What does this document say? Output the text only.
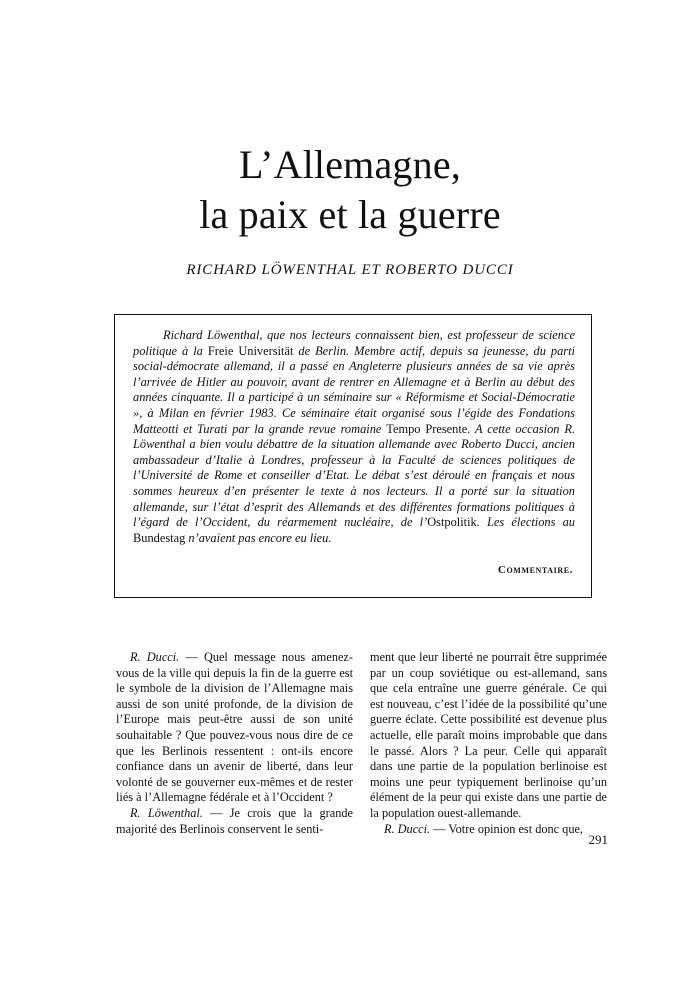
L’Allemagne,
la paix et la guerre
RICHARD LÖWENTHAL ET ROBERTO DUCCI

Richard Löwenthal, que nos lecteurs connaissent bien, est professeur de science politique à la Freie Universität de Berlin. Membre actif, depuis sa jeunesse, du parti social-démocrate allemand, il a passé en Angleterre plusieurs années de sa vie après l’arrivée de Hitler au pouvoir, avant de rentrer en Allemagne et à Berlin au début des années cinquante. Il a participé à un séminaire sur « Réformisme et Social-Démocratie », à Milan en février 1983. Ce séminaire était organisé sous l’égide des Fondations Matteotti et Turati par la grande revue romaine Tempo Presente. A cette occasion R. Löwenthal a bien voulu débattre de la situation allemande avec Roberto Ducci, ancien ambassadeur d’Italie à Londres, professeur à la Faculté de sciences politiques de l’Université de Rome et conseiller d’Etat. Le débat s’est déroulé en français et nous sommes heureux d’en présenter le texte à nos lecteurs. Il a porté sur la situation allemande, sur l’état d’esprit des Allemands et des différentes formations politiques à l’égard de l’Occident, du réarmement nucléaire, de l’Ostpolitik. Les élections au Bundestag n’avaient pas encore eu lieu.

Commentaire.

R. Ducci. — Quel message nous amenez-vous de la ville qui depuis la fin de la guerre est le symbole de la division de l’Allemagne mais aussi de son unité profonde, de la division de l’Europe mais peut-être aussi de son unité souhaitable ? Que pouvez-vous nous dire de ce que les Berlinois ressentent : ont-ils encore confiance dans un avenir de liberté, dans leur volonté de se gouverner eux-mêmes et de rester liés à l’Allemagne fédérale et à l’Occident ?

R. Löwenthal. — Je crois que la grande majorité des Berlinois conservent le senti-

ment que leur liberté ne pourrait être supprimée par un coup soviétique ou est-allemand, sans que cela entraîne une guerre générale. Ce qui est nouveau, c’est l’idée de la possibilité qu’une guerre éclate. Cette possibilité est devenue plus actuelle, elle paraît moins improbable que dans le passé. Alors ? La peur. Celle qui apparaît dans une partie de la population berlinoise est moins une peur typiquement berlinoise qu’un élément de la peur qui existe dans une partie de la population ouest-allemande.

R. Ducci. — Votre opinion est donc que,

291
